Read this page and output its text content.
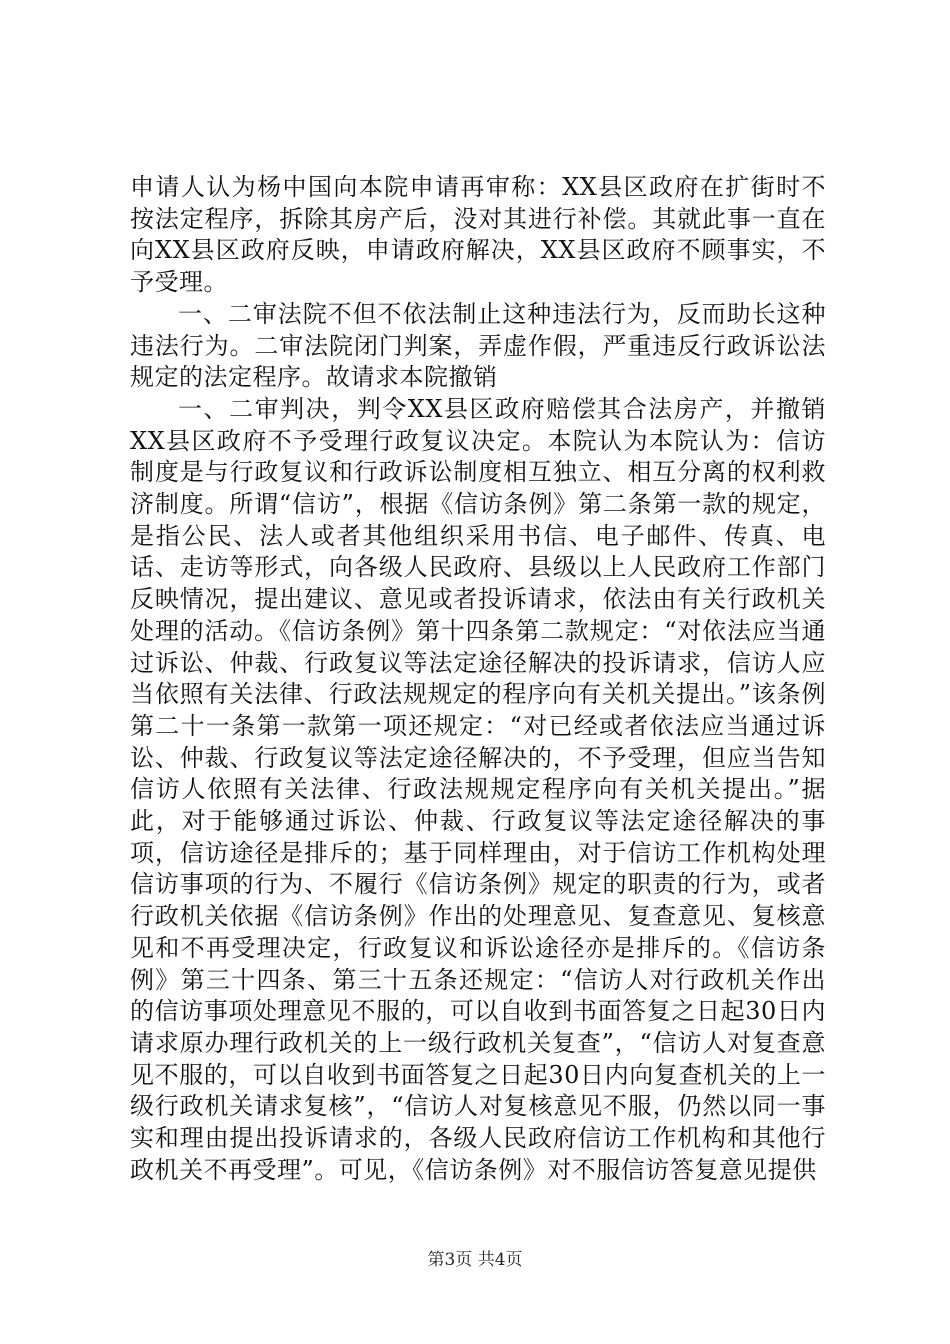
申请人认为杨中国向本院申请再审称：XX县区政府在扩街时不按法定程序，拆除其房产后，没对其进行补偿。其就此事一直在向XX县区政府反映，申请政府解决，XX县区政府不顾事实，不予受理。

一、二审法院不但不依法制止这种违法行为，反而助长这种违法行为。二审法院闭门判案，弄虚作假，严重违反行政诉讼法规定的法定程序。故请求本院撤销

一、二审判决，判令XX县区政府赔偿其合法房产，并撤销XX县区政府不予受理行政复议决定。本院认为本院认为：信访制度是与行政复议和行政诉讼制度相互独立、相互分离的权利救济制度。所谓“信访”，根据《信访条例》第二条第一款的规定，是指公民、法人或者其他组织采用书信、电子邮件、传真、电话、走访等形式，向各级人民政府、县级以上人民政府工作部门反映情况，提出建议、意见或者投诉请求，依法由有关行政机关处理的活动。《信访条例》第十四条第二款规定：“对依法应当通过诉讼、仲裁、行政复议等法定途径解决的投诉请求，信访人应当依照有关法律、行政法规规定的程序向有关机关提出。”该条例第二十一条第一款第一项还规定：“对已经或者依法应当通过诉讼、仲裁、行政复议等法定途径解决的，不予受理，但应当告知信访人依照有关法律、行政法规规定程序向有关机关提出。”据此，对于能够通过诉讼、仲裁、行政复议等法定途径解决的事项，信访途径是排斥的；基于同样理由，对于信访工作机构处理信访事项的行为、不履行《信访条例》规定的职责的行为，或者行政机关依据《信访条例》作出的处理意见、复查意见、复核意见和不再受理决定，行政复议和诉讼途径亦是排斥的。《信访条例》第三十四条、第三十五条还规定：“信访人对行政机关作出的信访事项处理意见不服的，可以自收到书面答复之日起30日内请求原办理行政机关的上一级行政机关复查”，“信访人对复查意见不服的，可以自收到书面答复之日起30日内向复查机关的上一级行政机关请求复核”，“信访人对复核意见不服，仍然以同一事实和理由提出投诉请求的，各级人民政府信访工作机构和其他行政机关不再受理”。可见，《信访条例》对不服信访答复意见提供

第3页 共4页
